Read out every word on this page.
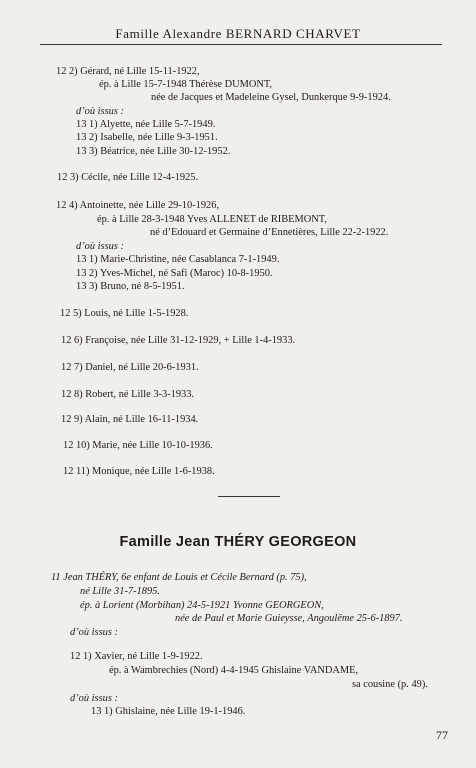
Famille Alexandre BERNARD CHARVET
12 2) Gérard, né Lille 15-11-1922,
ép. à Lille 15-7-1948 Thérèse DUMONT,
née de Jacques et Madeleine Gysel, Dunkerque 9-9-1924.
d’où issus :
13 1) Alyette, née Lille 5-7-1949.
13 2) Isabelle, née Lille 9-3-1951.
13 3) Béatrice, née Lille 30-12-1952.
12 3) Cécile, née Lille 12-4-1925.
12 4) Antoinette, née Lille 29-10-1926,
ép. à Lille 28-3-1948 Yves ALLENET de RIBEMONT,
né d’Edouard et Germaine d’Ennetières, Lille 22-2-1922.
d’où issus :
13 1) Marie-Christine, née Casablanca 7-1-1949.
13 2) Yves-Michel, né Safi (Maroc) 10-8-1950.
13 3) Bruno, né 8-5-1951.
12 5) Louis, né Lille 1-5-1928.
12 6) Françoise, née Lille 31-12-1929, + Lille 1-4-1933.
12 7) Daniel, né Lille 20-6-1931.
12 8) Robert, né Lille 3-3-1933.
12 9) Alain, né Lille 16-11-1934.
12 10) Marie, née Lille 10-10-1936.
12 11) Monique, née Lille 1-6-1938.
11 Jean THÉRY, 6e enfant de Louis et Cécile Bernard (p. 75),
né Lille 31-7-1895.
ép. à Lorient (Morbihan) 24-5-1921 Yvonne GEORGEON,
née de Paul et Marie Guieysse, Angoulême 25-6-1897.
d’où issus :
12 1) Xavier, né Lille 1-9-1922.
ép. à Wambrechies (Nord) 4-4-1945 Ghislaine VANDAME,
sa cousine (p. 49).
d’où issus :
13 1) Ghislaine, née Lille 19-1-1946.
Famille Jean THÉRY GEORGEON
77
